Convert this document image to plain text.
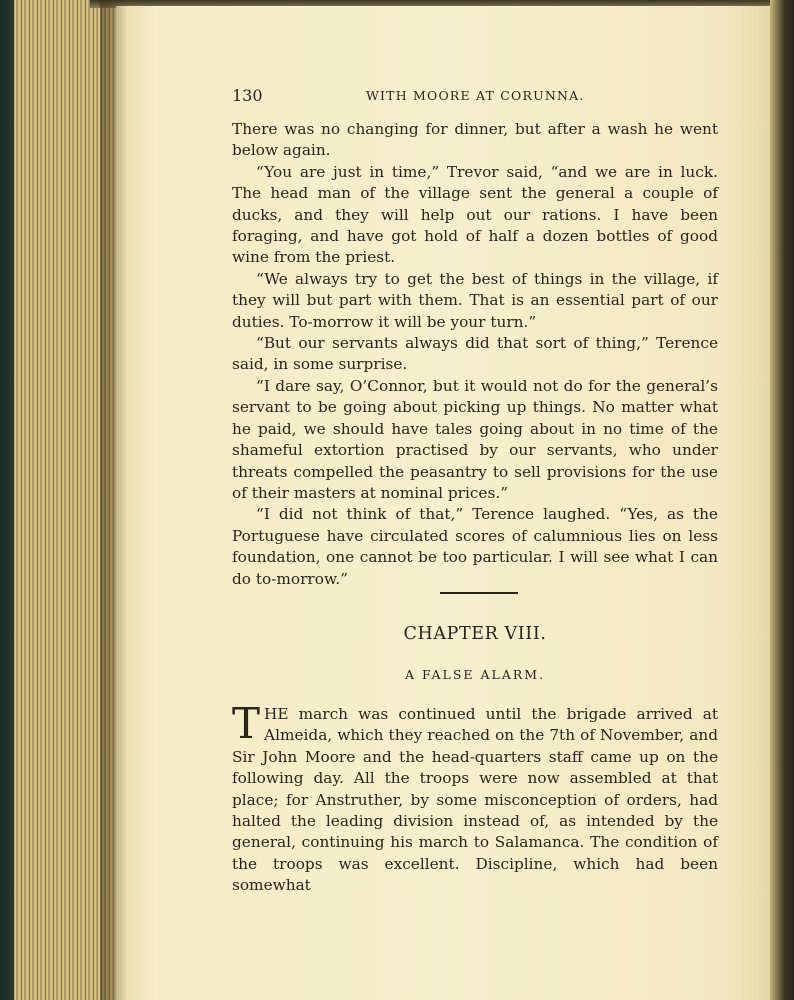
130	WITH MOORE AT CORUNNA.

There was no changing for dinner, but after a wash he went below again.

“You are just in time,” Trevor said, “and we are in luck. The head man of the village sent the general a couple of ducks, and they will help out our rations. I have been foraging, and have got hold of half a dozen bottles of good wine from the priest.

“We always try to get the best of things in the village, if they will but part with them. That is an essential part of our duties. To-morrow it will be your turn.”

“But our servants always did that sort of thing,” Terence said, in some surprise.

“I dare say, O’Connor, but it would not do for the general’s servant to be going about picking up things. No matter what he paid, we should have tales going about in no time of the shameful extortion practised by our servants, who under threats compelled the peasantry to sell provisions for the use of their masters at nominal prices.”

“I did not think of that,” Terence laughed. “Yes, as the Portuguese have circulated scores of calumnious lies on less foundation, one cannot be too particular. I will see what I can do to-morrow.”

CHAPTER VIII.
A FALSE ALARM.

THE march was continued until the brigade arrived at Almeida, which they reached on the 7th of November, and Sir John Moore and the head-quarters staff came up on the following day. All the troops were now assembled at that place; for Anstruther, by some misconception of orders, had halted the leading division instead of, as intended by the general, continuing his march to Salamanca. The condition of the troops was excellent. Discipline, which had been somewhat
